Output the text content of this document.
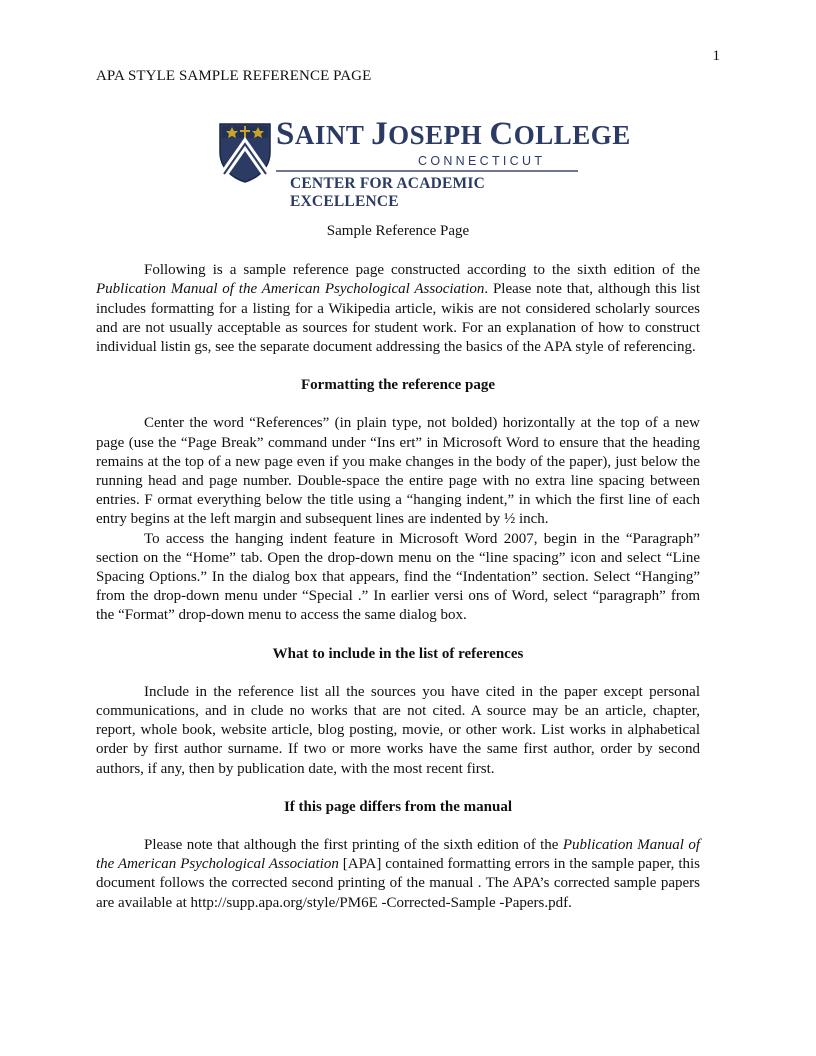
1
APA STYLE SAMPLE REFERENCE PAGE
SAINT JOSEPH COLLEGE
CONNECTICUT
CENTER FOR ACADEMIC EXCELLENCE

Sample Reference Page

Following is a sample reference page constructed according to the sixth edition of the Publication Manual of the American Psychological Association. Please note that, although this list includes formatting for a listing for a Wikipedia article, wikis are not considered scholarly sources and are not usually acceptable as sources for student work. For an explanation of how to construct individual listin gs, see the separate document addressing the basics of the APA style of referencing.

Formatting the reference page

Center the word “References” (in plain type, not bolded) horizontally at the top of a new page (use the “Page Break” command under “Ins ert” in Microsoft Word to ensure that the heading remains at the top of a new page even if you make changes in the body of the paper), just below the running head and page number. Double-space the entire page with no extra line spacing between entries. F ormat everything below the title using a “hanging indent,” in which the first line of each entry begins at the left margin and subsequent lines are indented by ½ inch.

To access the hanging indent feature in Microsoft Word 2007, begin in the “Paragraph” section on the “Home” tab. Open the drop-down menu on the “line spacing” icon and select “Line Spacing Options.” In the dialog box that appears, find the “Indentation” section. Select “Hanging” from the drop-down menu under “Special .” In earlier versi ons of Word, select “paragraph” from the “Format” drop-down menu to access the same dialog box.

What to include in the list of references

Include in the reference list all the sources you have cited in the paper except personal communications, and in clude no works that are not cited. A source may be an article, chapter, report, whole book, website article, blog posting, movie, or other work. List works in alphabetical order by first author surname. If two or more works have the same first author, order by second authors, if any, then by publication date, with the most recent first.

If this page differs from the manual

Please note that although the first printing of the sixth edition of the Publication Manual of the American Psychological Association [APA] contained formatting errors in the sample paper, this document follows the corrected second printing of the manual . The APA’s corrected sample papers are available at http://supp.apa.org/style/PM6E -Corrected-Sample -Papers.pdf.
